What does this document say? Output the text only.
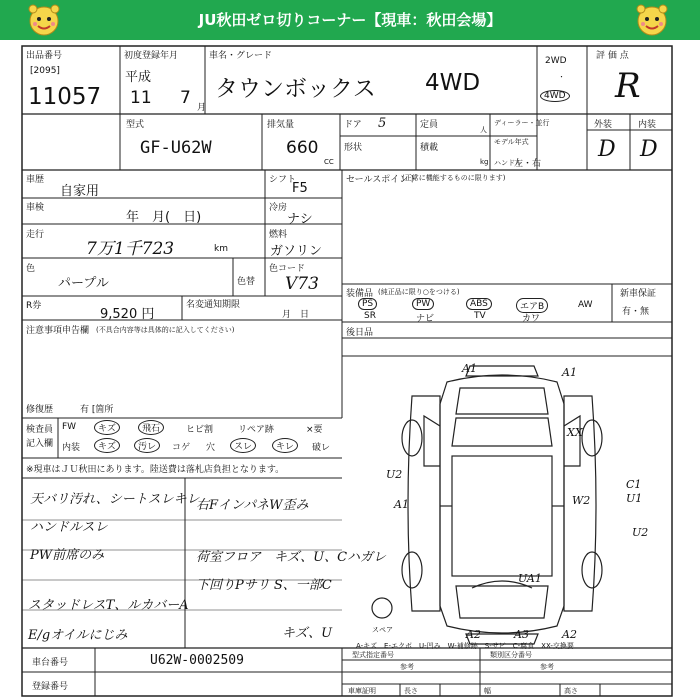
JU秋田ゼロ切りコーナー【現車：秋田会場】
出品番号
[2095]
11057
初度登録年月
平成
11 7 月
車名・グレード
タウンボックス 4WD
2WD
・
4WD
評 価 点
R
外装	内装
D D
型式
GF-U62W
排気量
660
CC
ドア 5	定員	人
ディーラー・並行
形状	積載
kg
モデル年式
ハンドル
左・右
車歴
自家用
シフト
F5
車検
年　月(　日)
冷房
ナシ
走行
7万1千723	km
燃料
ガソリン
色
パープル	色替
色コード
V73
R券
9,520 円
名変通知期限
月　日
注意事項申告欄 (不具合内容等は具体的に記入してください)
修復歴	有 [箇所
セールスポイント
(正常に機能するものに限ります)
装備品 (純正品に限り○をつける)	新車保証
有・無
PS	PW	ABS	エアB	AW
SR	ナビ	TV	カワ
後日品
検査員
記入欄
FW	キズ	飛石	ヒビ割	リペア跡	×要
内装	キズ	汚レ	コゲ 穴	スレ	キレ	破レ
※現車はＪＵ秋田にあります。陸送費は落札店負担となります。
天バリ汚れ、シートスレキレ
ハンドルスレ
PW前席のみ
スタッドレスT、ルカバーA
E/gオイルにじみ
右FインパネW歪み
荷室フロア　キズ、U、Cハガレ
下回りPサリ S、一部C
キズ、U
A1	A1
XX
U2
A1	W2
C1
U1
U2
UA1
A2	A3	A2
スペア
A-キズ　E-エクボ　U-凹み　W-補修跡　S-サビ　C-腐食　XX-交換要
車台番号	U62W-0002509
登録番号
型式指定番号	類別区分番号
参考	参考
車庫証明	長さ	幅	高さ
